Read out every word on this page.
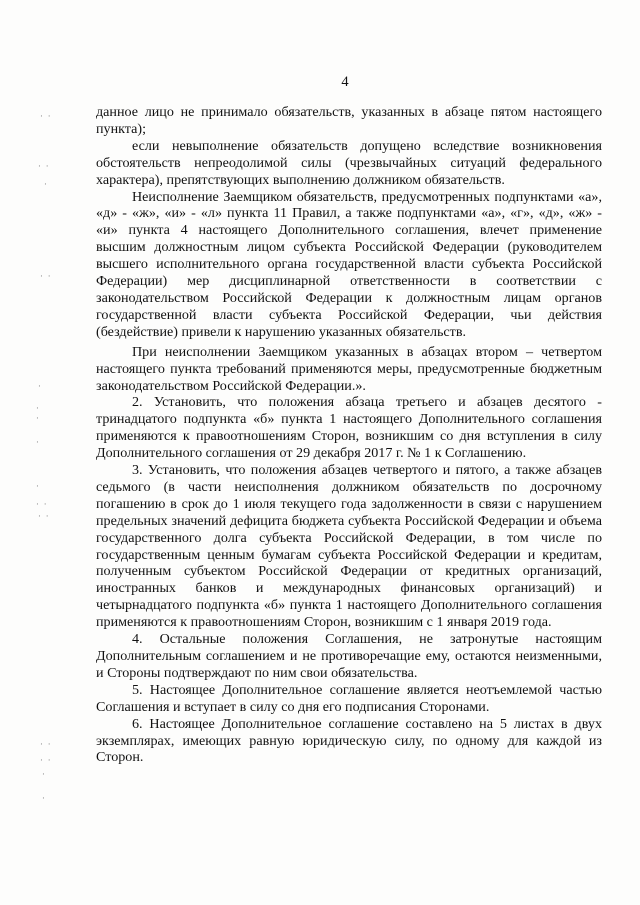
· ·
· ·
·
· ·
·
·
·
·
·
· ·
· ·
· ·
· ·
·
·
4

данное лицо не принимало обязательств, указанных в абзаце пятом настоящего пункта);

если невыполнение обязательств допущено вследствие возникновения обстоятельств непреодолимой силы (чрезвычайных ситуаций федерального характера), препятствующих выполнению должником обязательств.

Неисполнение Заемщиком обязательств, предусмотренных подпунктами «а», «д» - «ж», «и» - «л» пункта 11 Правил, а также подпунктами «а», «г», «д», «ж» - «и» пункта 4 настоящего Дополнительного соглашения, влечет применение высшим должностным лицом субъекта Российской Федерации (руководителем высшего исполнительного органа государственной власти субъекта Российской Федерации) мер дисциплинарной ответственности в соответствии с законодательством Российской Федерации к должностным лицам органов государственной власти субъекта Российской Федерации, чьи действия (бездействие) привели к нарушению указанных обязательств.

При неисполнении Заемщиком указанных в абзацах втором – четвертом настоящего пункта требований применяются меры, предусмотренные бюджетным законодательством Российской Федерации.».

2. Установить, что положения абзаца третьего и абзацев десятого - тринадцатого подпункта «б» пункта 1 настоящего Дополнительного соглашения применяются к правоотношениям Сторон, возникшим со дня вступления в силу Дополнительного соглашения от 29 декабря 2017 г. № 1 к Соглашению.

3. Установить, что положения абзацев четвертого и пятого, а также абзацев седьмого (в части неисполнения должником обязательств по досрочному погашению в срок до 1 июля текущего года задолженности в связи с нарушением предельных значений дефицита бюджета субъекта Российской Федерации и объема государственного долга субъекта Российской Федерации, в том числе по государственным ценным бумагам субъекта Российской Федерации и кредитам, полученным субъектом Российской Федерации от кредитных организаций, иностранных банков и международных финансовых организаций) и четырнадцатого подпункта «б» пункта 1 настоящего Дополнительного соглашения применяются к правоотношениям Сторон, возникшим с 1 января 2019 года.

4. Остальные положения Соглашения, не затронутые настоящим Дополнительным соглашением и не противоречащие ему, остаются неизменными, и Стороны подтверждают по ним свои обязательства.

5. Настоящее Дополнительное соглашение является неотъемлемой частью Соглашения и вступает в силу со дня его подписания Сторонами.

6. Настоящее Дополнительное соглашение составлено на 5 листах в двух экземплярах, имеющих равную юридическую силу, по одному для каждой из Сторон.
